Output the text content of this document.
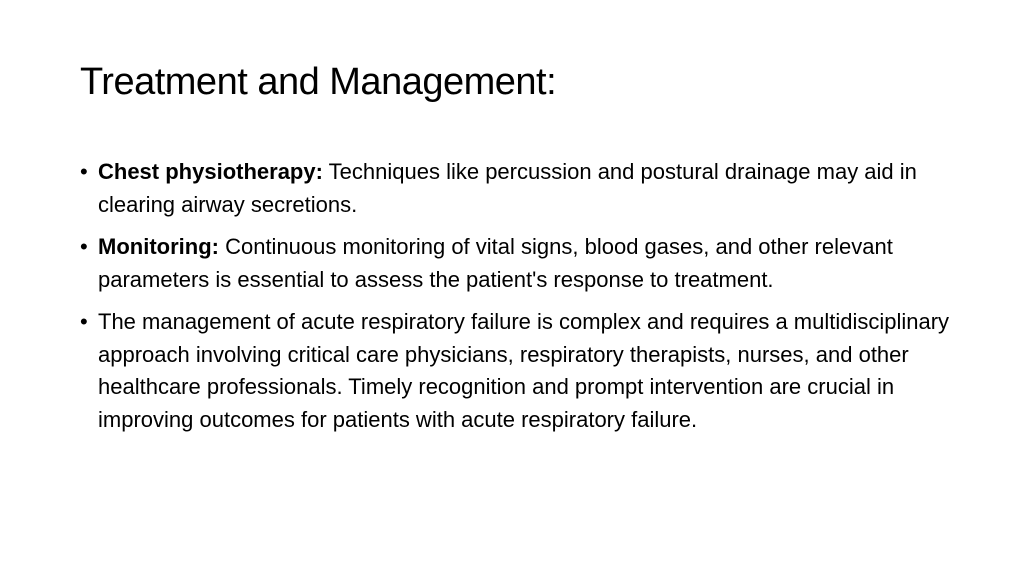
Treatment and Management:
• Chest physiotherapy: Techniques like percussion and postural drainage may aid in clearing airway secretions.
• Monitoring: Continuous monitoring of vital signs, blood gases, and other relevant parameters is essential to assess the patient's response to treatment.
• The management of acute respiratory failure is complex and requires a multidisciplinary approach involving critical care physicians, respiratory therapists, nurses, and other healthcare professionals. Timely recognition and prompt intervention are crucial in improving outcomes for patients with acute respiratory failure.
